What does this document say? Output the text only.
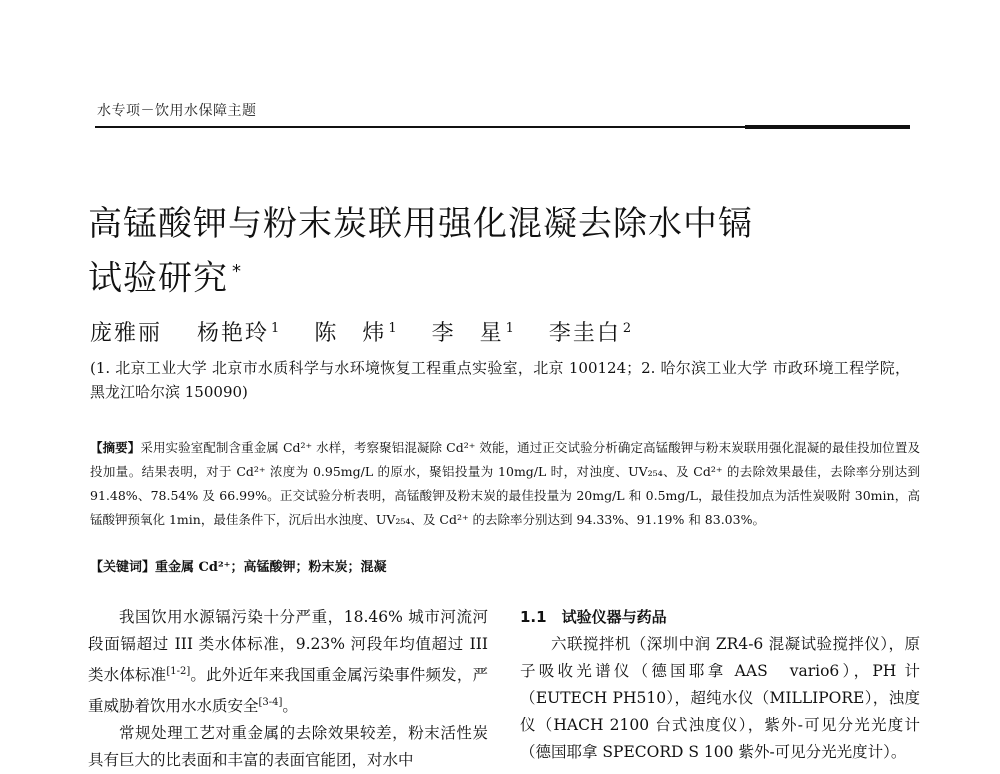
水专项－饮用水保障主题
高锰酸钾与粉末炭联用强化混凝去除水中镉
试验研究 *
庞雅丽 杨艳玲 $^1$ 陈　炜 $^1$ 李　星 $^1$ 李圭白 $^2$
(1. 北京工业大学 北京市水质科学与水环境恢复工程重点实验室，北京 100124；2. 哈尔滨工业大学 市政环境工程学院，黑龙江哈尔滨 150090)
【摘要】采用实验室配制含重金属 Cd²⁺ 水样，考察聚铝混凝除 Cd²⁺ 效能，通过正交试验分析确定高锰酸钾与粉末炭联用强化混凝的最佳投加位置及投加量。结果表明，对于 Cd²⁺ 浓度为 0.95mg/L 的原水，聚铝投量为 10mg/L 时，对浊度、UV₂₅₄、及 Cd²⁺ 的去除效果最佳，去除率分别达到 91.48%、78.54% 及 66.99%。正交试验分析表明，高锰酸钾及粉末炭的最佳投量为 20mg/L 和 0.5mg/L，最佳投加点为活性炭吸附 30min，高锰酸钾预氧化 1min，最佳条件下，沉后出水浊度、UV₂₅₄、及 Cd²⁺ 的去除率分别达到 94.33%、91.19% 和 83.03%。
【关键词】重金属 Cd²⁺；高锰酸钾；粉末炭；混凝

我国饮用水源镉污染十分严重，18.46% 城市河流河段面镉超过 III 类水体标准，9.23% 河段年均值超过 III 类水体标准[1-2]。此外近年来我国重金属污染事件频发，严重威胁着饮用水水质安全[3-4]。

常规处理工艺对重金属的去除效果较差，粉末活性炭具有巨大的比表面和丰富的表面官能团，对水中

1.1　试验仪器与药品

六联搅拌机（深圳中润 ZR4-6 混凝试验搅拌仪），原子吸收光谱仪（德国耶拿 AAS　vario6），PH 计（EUTECH PH510），超纯水仪（MILLIPORE），浊度仪（HACH 2100 台式浊度仪），紫外-可见分光光度计（德国耶拿 SPECORD S 100 紫外-可见分光光度计）。
